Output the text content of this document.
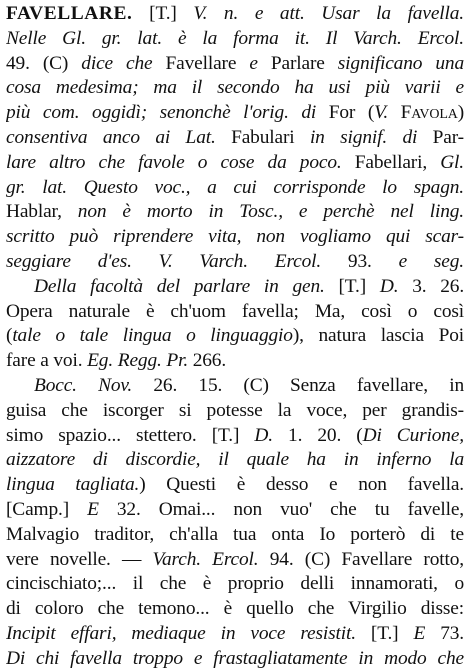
FAVELLARE. [T.] V. n. e att. Usar la favella.
Nelle Gl. gr. lat. è la forma it. Il Varch. Ercol.
49. (C) dice che Favellare e Parlare significano una
cosa medesima; ma il secondo ha usi più varii e
più com. oggidì; senonchè l'orig. di For (V. Favola)
consentiva anco ai Lat. Fabulari in signif. di Par-
lare altro che favole o cose da poco. Fabellari, Gl.
gr. lat. Questo voc., a cui corrisponde lo spagn.
Hablar, non è morto in Tosc., e perchè nel ling.
scritto può riprendere vita, non vogliamo qui scar-
seggiare d'es. V. Varch. Ercol. 93. e seg.
Della facoltà del parlare in gen. [T.] D. 3. 26.
Opera naturale è ch'uom favella; Ma, così o così
(tale o tale lingua o linguaggio), natura lascia Poi
fare a voi. Eg. Regg. Pr. 266.
Bocc. Nov. 26. 15. (C) Senza favellare, in
guisa che iscorger si potesse la voce, per grandis-
simo spazio... stettero. [T.] D. 1. 20. (Di Curione,
aizzatore di discordie, il quale ha in inferno la
lingua tagliata.) Questi è desso e non favella.
[Camp.] E 32. Omai... non vuo' che tu favelle,
Malvagio traditor, ch'alla tua onta Io porterò di te
vere novelle. — Varch. Ercol. 94. (C) Favellare rotto,
cincischiato;... il che è proprio delli innamorati, o
di coloro che temono... è quello che Virgilio disse:
Incipit effari, mediaque in voce resistit. [T.] E 73.
Di chi favella troppo e frastagliatamente in modo che
